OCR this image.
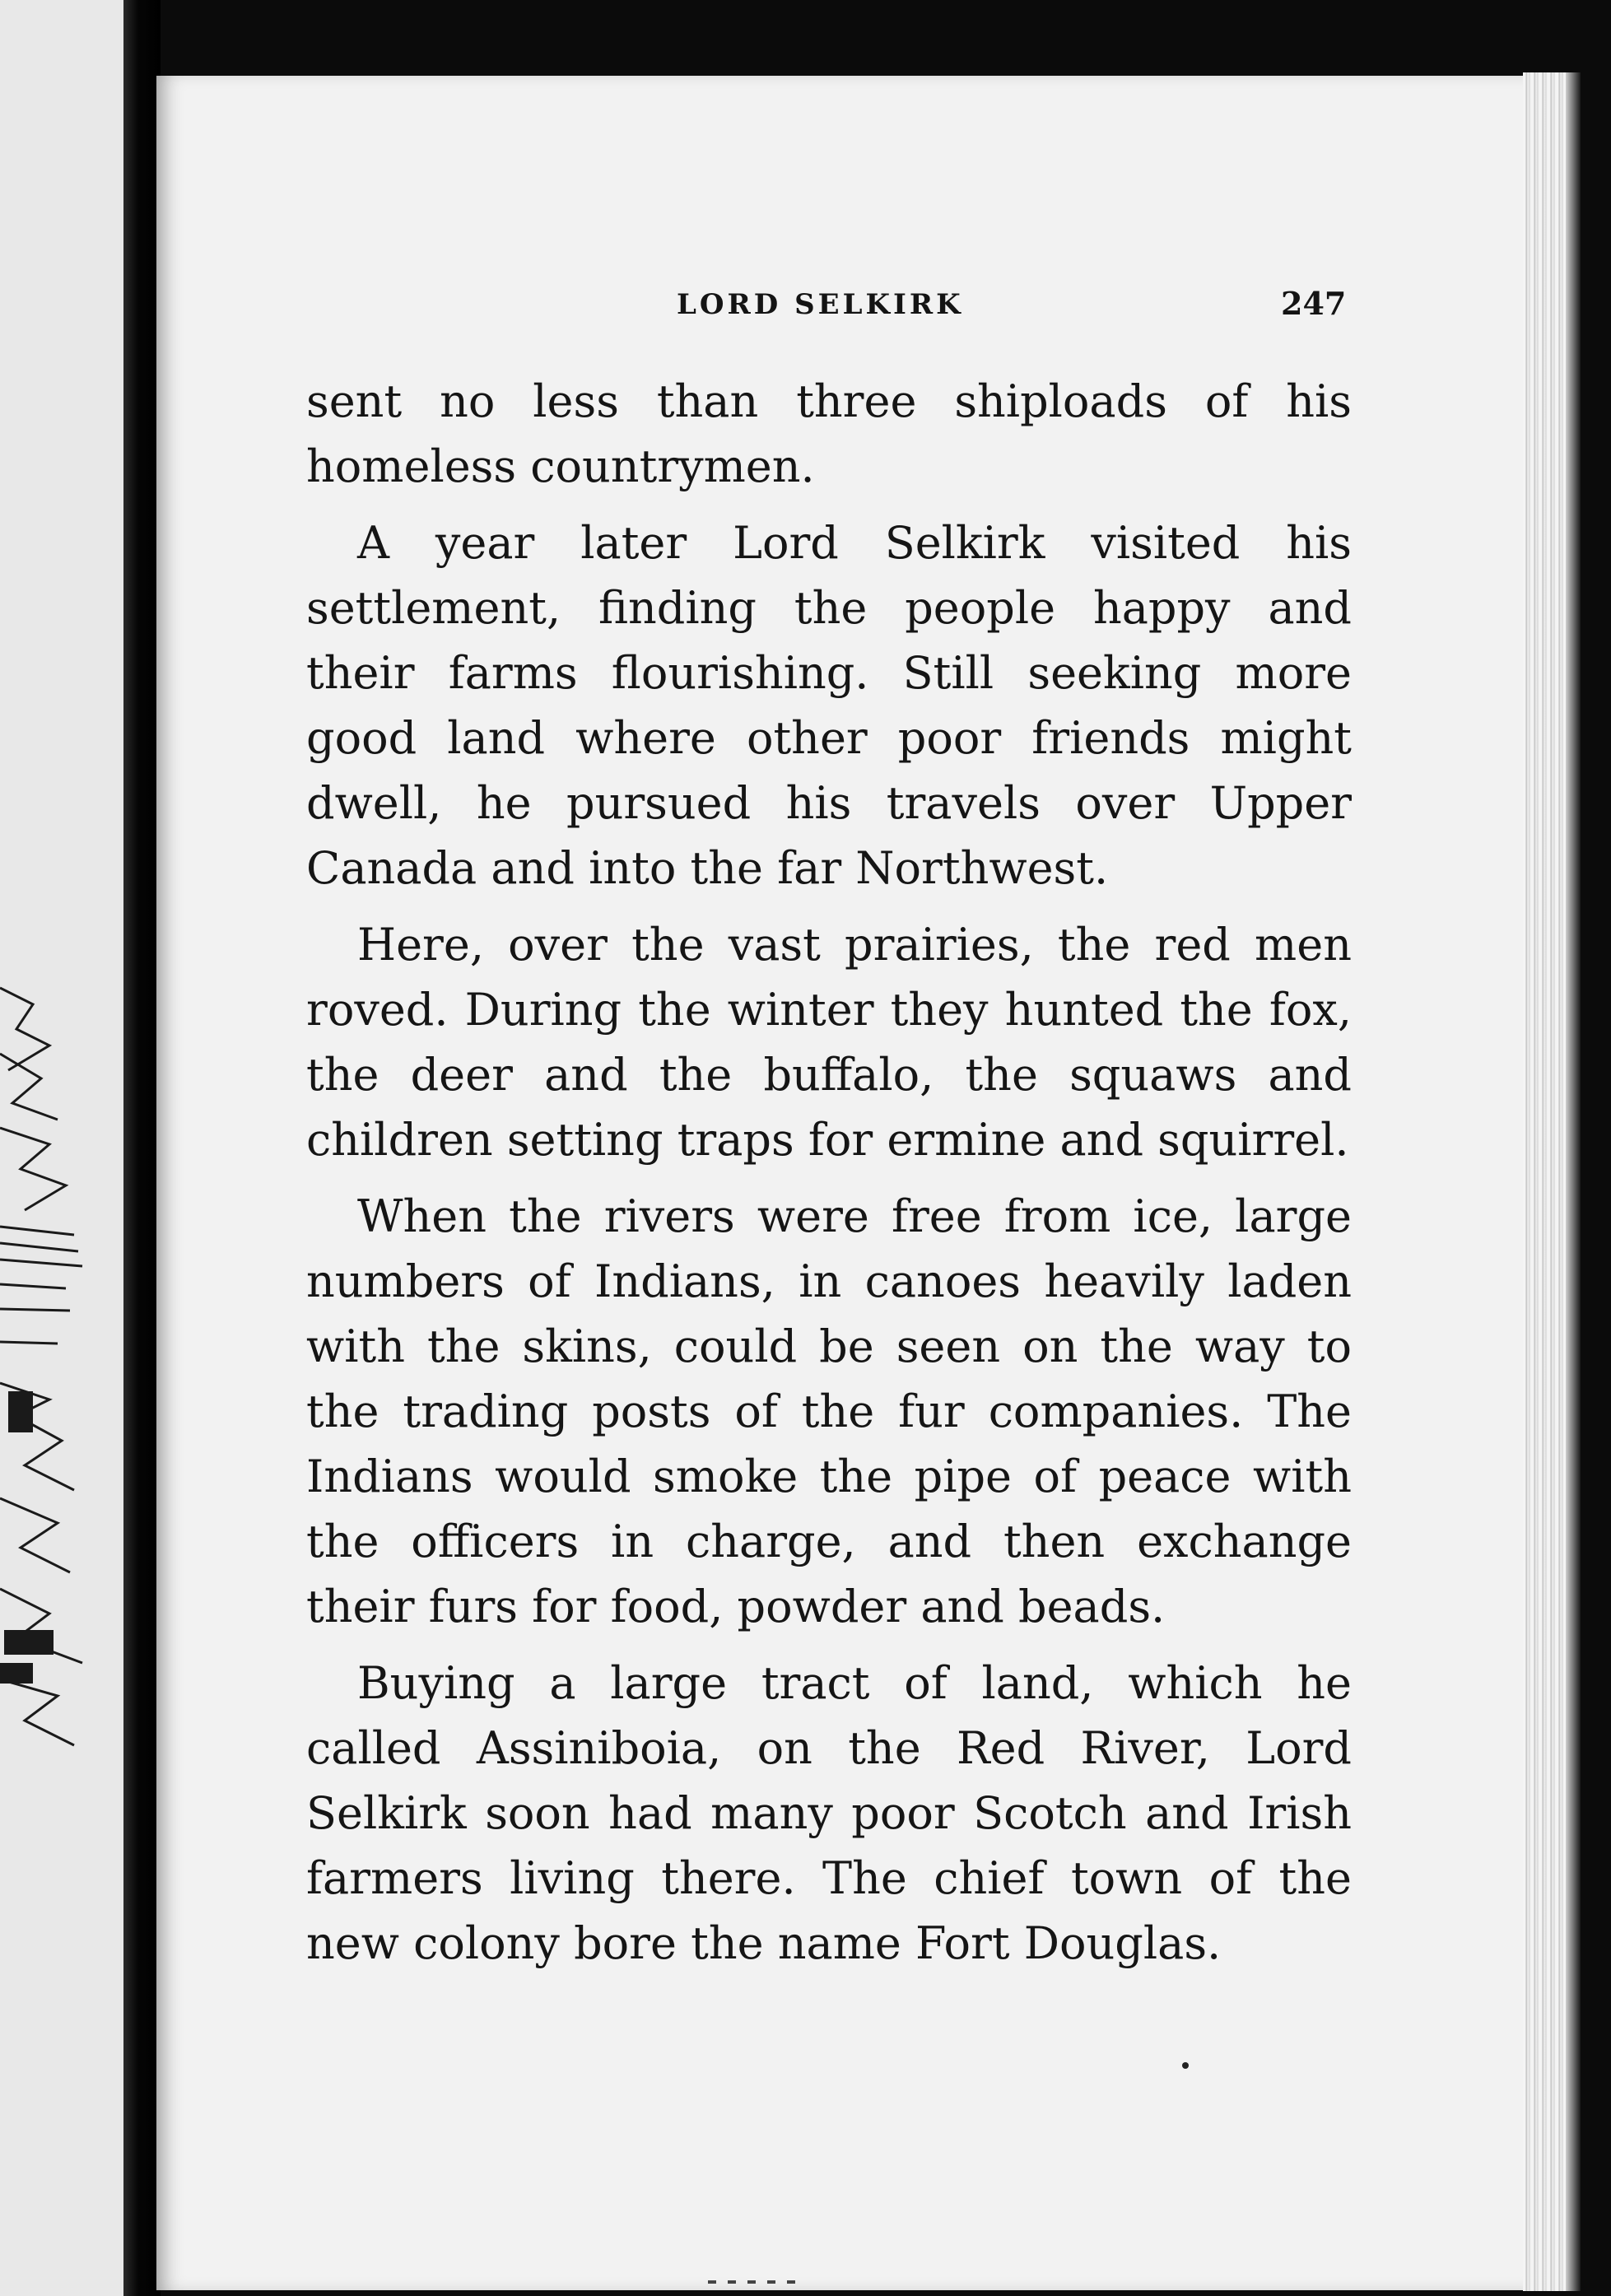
LORD SELKIRK	247

sent no less than three shiploads of his homeless countrymen.

A year later Lord Selkirk visited his settlement, finding the people happy and their farms flourishing. Still seeking more good land where other poor friends might dwell, he pursued his travels over Upper Canada and into the far Northwest.

Here, over the vast prairies, the red men roved. During the winter they hunted the fox, the deer and the buffalo, the squaws and children setting traps for ermine and squirrel.

When the rivers were free from ice, large numbers of Indians, in canoes heavily laden with the skins, could be seen on the way to the trading posts of the fur companies. The Indians would smoke the pipe of peace with the officers in charge, and then exchange their furs for food, powder and beads.

Buying a large tract of land, which he called Assiniboia, on the Red River, Lord Selkirk soon had many poor Scotch and Irish farmers living there. The chief town of the new colony bore the name Fort Douglas.
